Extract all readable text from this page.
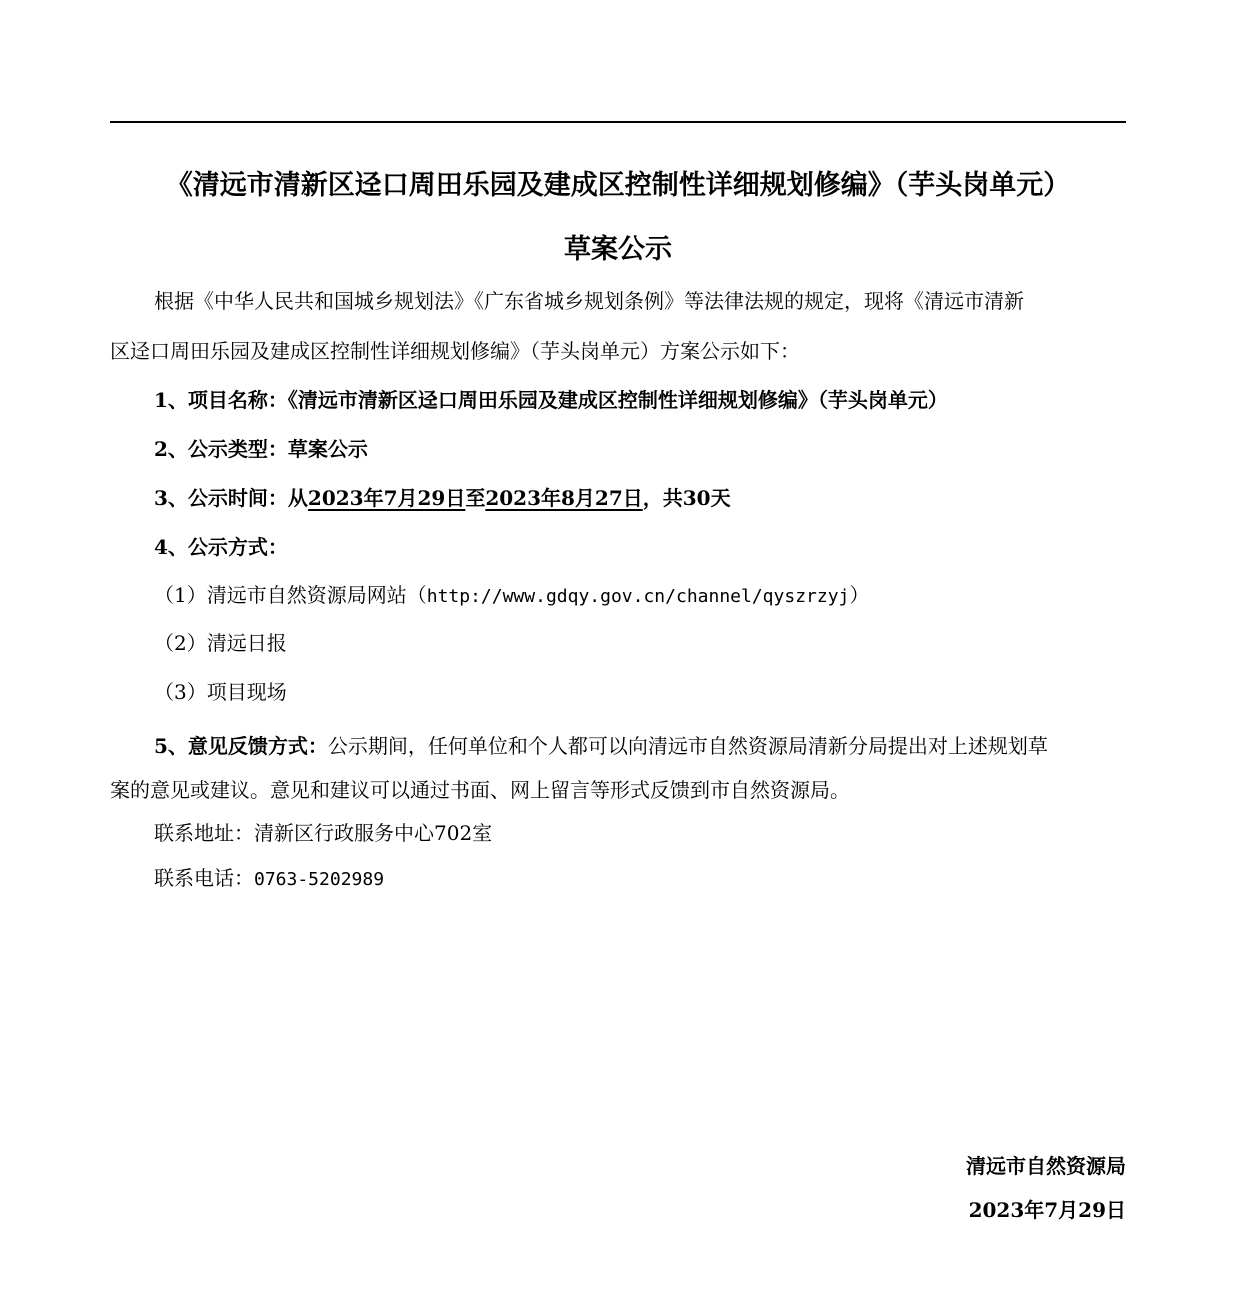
《清远市清新区迳口周田乐园及建成区控制性详细规划修编》（芋头岗单元）
草案公示
根据《中华人民共和国城乡规划法》《广东省城乡规划条例》等法律法规的规定，现将《清远市清新
区迳口周田乐园及建成区控制性详细规划修编》（芋头岗单元）方案公示如下：
1、项目名称：《清远市清新区迳口周田乐园及建成区控制性详细规划修编》（芋头岗单元）
2、公示类型：草案公示
3、公示时间：从2023年7月29日至2023年8月27日，共30天
4、公示方式：
（1）清远市自然资源局网站（http://www.gdqy.gov.cn/channel/qyszrzyj）
（2）清远日报
（3）项目现场
5、意见反馈方式：公示期间，任何单位和个人都可以向清远市自然资源局清新分局提出对上述规划草
案的意见或建议。意见和建议可以通过书面、网上留言等形式反馈到市自然资源局。
联系地址：清新区行政服务中心702室
联系电话：0763-5202989
清远市自然资源局
2023年7月29日
